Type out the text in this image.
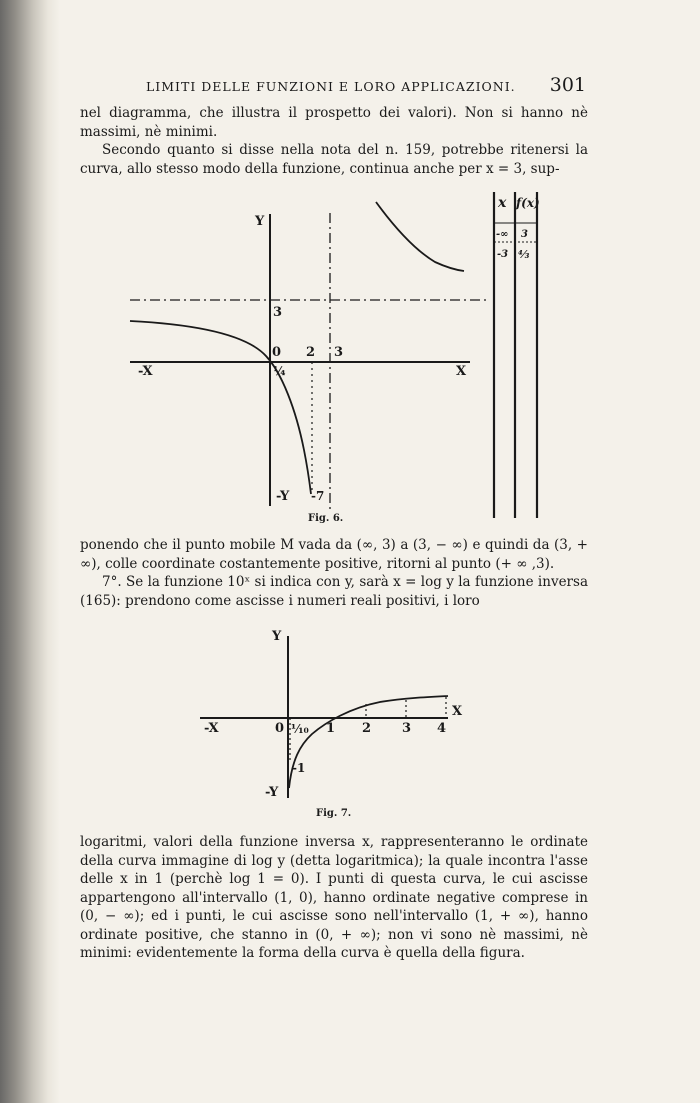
LIMITI DELLE FUNZIONI E LORO APPLICAZIONI. 301

nel diagramma, che illustra il prospetto dei valori). Non si hanno nè massimi, nè minimi.

Secondo quanto si disse nella nota del n. 159, potrebbe ritenersi la curva, allo stesso modo della funzione, continua anche per x = 3, sup-

Y
-Y
-X	X
0 2 3
3
¼
-7
Fig. 6.
x f(x)
-∞ 3
-3 ⁴⁄₃
Y
-Y
-X
X
0 ⅒ 1 2 3 4
-1
Fig. 7.

ponendo che il punto mobile M vada da (∞, 3) a (3, − ∞) e quindi da (3, + ∞), colle coordinate costantemente positive, ritorni al punto (+ ∞ ,3).

7°. Se la funzione 10ˣ si indica con y, sarà x = log y la funzione inversa (165): prendono come ascisse i numeri reali positivi, i loro

logaritmi, valori della funzione inversa x, rappresenteranno le ordinate della curva immagine di log y (detta logaritmica); la quale incontra l'asse delle x in 1 (perchè log 1 = 0). I punti di questa curva, le cui ascisse appartengono all'intervallo (1, 0), hanno ordinate negative comprese in (0, − ∞); ed i punti, le cui ascisse sono nell'intervallo (1, + ∞), hanno ordinate positive, che stanno in (0, + ∞); non vi sono nè massimi, nè minimi: evidentemente la forma della curva è quella della figura.
